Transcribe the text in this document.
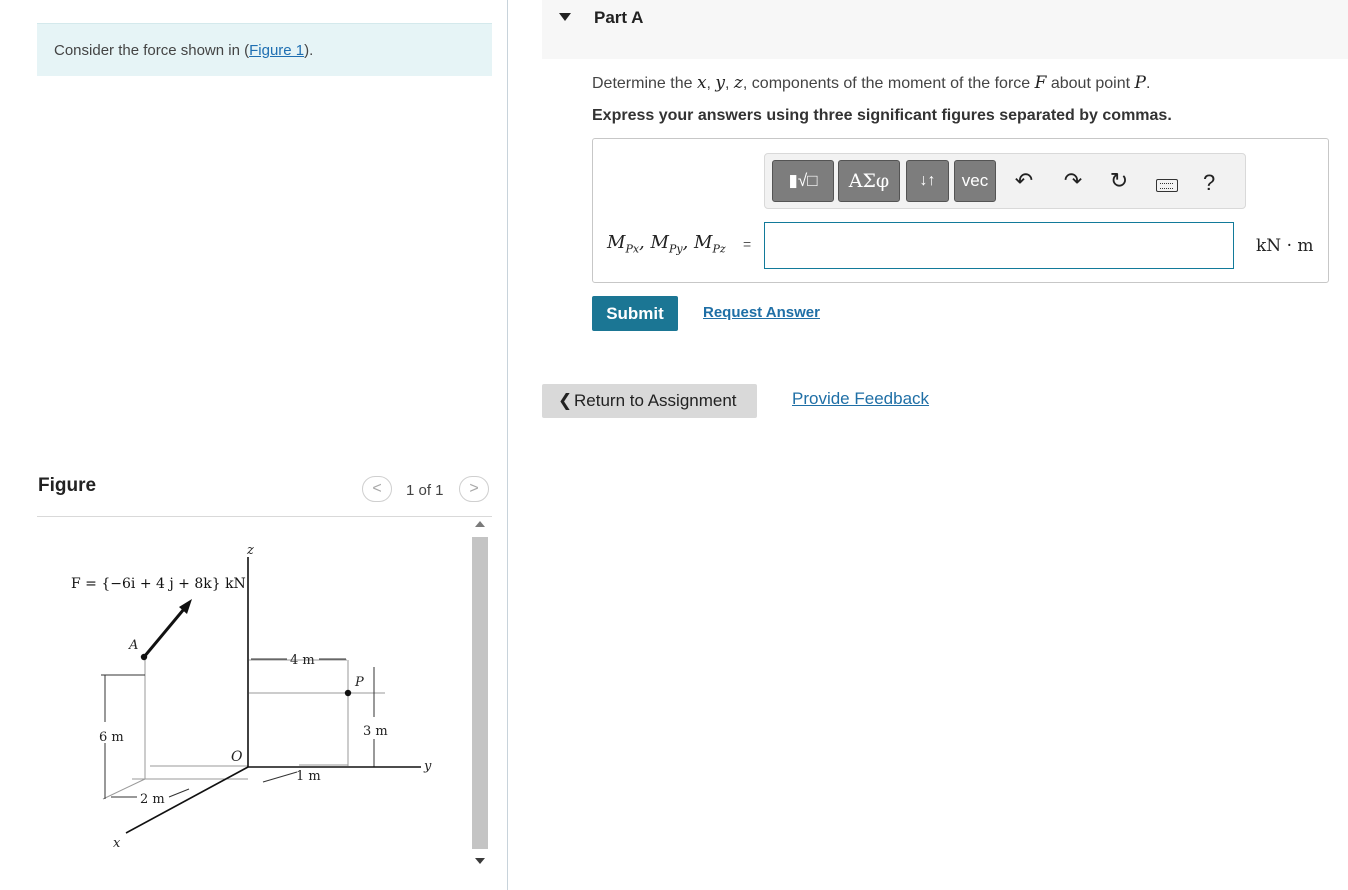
Consider the force shown in (Figure 1).
Figure	<	1 of 1	>
F = {−6i + 4 j + 8k} kN
z
y
x
A
P
O
4 m
6 m	3 m
1 m
2 m
Part A
Determine the x, y, z, components of the moment of the force F about point P.
Express your answers using three significant figures separated by commas.
▮√□	ΑΣφ	↓↑	vec	↶ ↷ ↻	?
$M_{Px}$, $M_{Py}$, $M_{Pz}$ =	kN · m
Submit	Request Answer
❮ Return to Assignment	Provide Feedback
